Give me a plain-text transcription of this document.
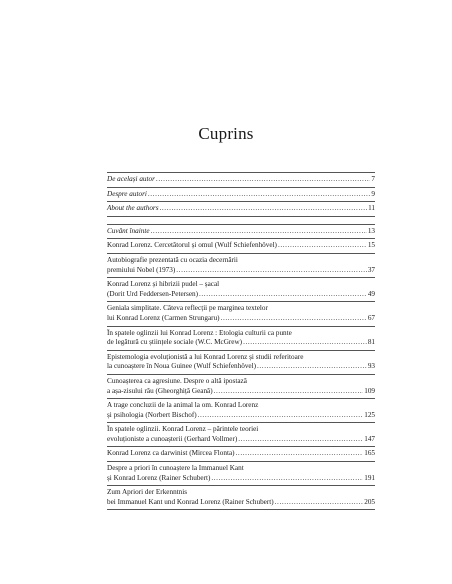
Cuprins
De același autor .....	7
Despre autori .....	9
About the authors .....	11
Cuvânt înainte .....	13
Konrad Lorenz. Cercetătorul și omul (Wulf Schiefenhövel) .....	15
Autobiografie prezentată cu ocazia decernării
premiului Nobel (1973) .....	37
Konrad Lorenz și hibrizii pudel – șacal
(Dorit Urd Feddersen-Petersen) .....	49
Geniala simplitate. Câteva reflecții pe marginea textelor
lui Konrad Lorenz (Carmen Strungaru) .....	67
În spatele oglinzii lui Konrad Lorenz : Etologia culturii ca punte
de legătură cu științele sociale (W.C. McGrew) .....	81
Epistemologia evoluționistă a lui Konrad Lorenz și studii referitoare
la cunoaștere în Noua Guinee (Wulf Schiefenhövel) .....	93
Cunoașterea ca agresiune. Despre o altă ipostază
a așa-zisului rău (Gheorghiță Geană) .....	109
A trage concluzii de la animal la om. Konrad Lorenz
și psihologia (Norbert Bischof) .....	125
În spatele oglinzii. Konrad Lorenz – părintele teoriei
evoluționiste a cunoașterii (Gerhard Vollmer) .....	147
Konrad Lorenz ca darwinist (Mircea Flonta) .....	165
Despre a priori în cunoaștere la Immanuel Kant
și Konrad Lorenz (Rainer Schubert) .....	191
Zum Apriori der Erkenntnis
bei Immanuel Kant und Konrad Lorenz (Rainer Schubert) .....	205
